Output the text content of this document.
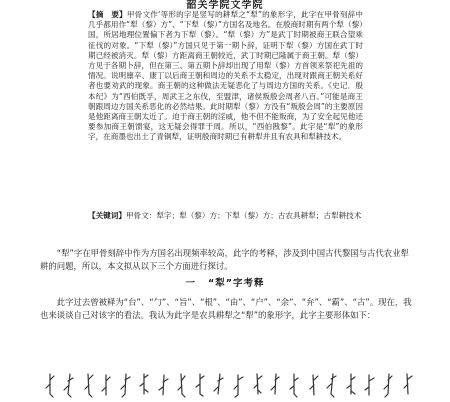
韶关学院文学院
【摘　要】甲骨文作‘等形的字是竖写的耕犁之“犁”的象形字，此字在甲骨刻辞中几乎都用作“犁（黎）方”、“下犁（黎）”方国名及地名。在殷商时期有两个犁（黎）国，所居地理位置偏下者为下犁（黎）。“犁（黎）方”是武丁时期被商王联合望乘征伐的对象。“下犁（黎）”方国只见于第一期卜辞，证明下犁（黎）方国在武丁时期已经被消灭。犁（黎）方距离商王朝较近，武丁时期已隆属于商王朝。犁（黎）方见于各期卜辞，但在第三、第五期卜辞却出现了用犁（黎）方首领来祭祀先祖的情况。说明廪辛、康丁以后商王朝和周边的关系不太稳定，出现对跟商王朝关系好者也要劝武的现象。商王朝的这种做法无疑恶化了与周边方国的关系。《史记．殷本纪》为“西伯既孚，周武王之东伐，至盟津，诸侯叛殷会周者八百。”可能是商王朝跟周边方国关系恶化的必然结果。此时期犁（黎）方没有“叛殷会周”的主要原因是他距离商王朝太近了。迫于商王朝的淫威，他不但不能叛商，为了安全起见他还要参加商王朝馈宴，这无疑会得罪于周。所以，“西伯戡黎”。此字是“犁”的象形字，在商墨也出土了青铜犁，证明殷商时期已有耕犁并且有农具和犁耕技术。
【关键词】甲骨文：犁字；犁（黎）方；下犁（黎）方；古农具耕犁；古犁耕技术
“犁”字在甲骨刻辞中作为方国名出现频率较高，此字的考释，涉及到中国古代黎国与古代农业犁耕的问题，所以，本文拟从以下三个方面进行探讨。
一 “犁”字考释
此字过去曾被释为“台”、“勹”、“旨”、“根”、“由”、“户”、“余”、“弁”、“霸”、“古”。现在，我也来谈谈自己对该字的看法。我认为此字是农具耕犁之“犁”的象形字，此字主要形体如下：
